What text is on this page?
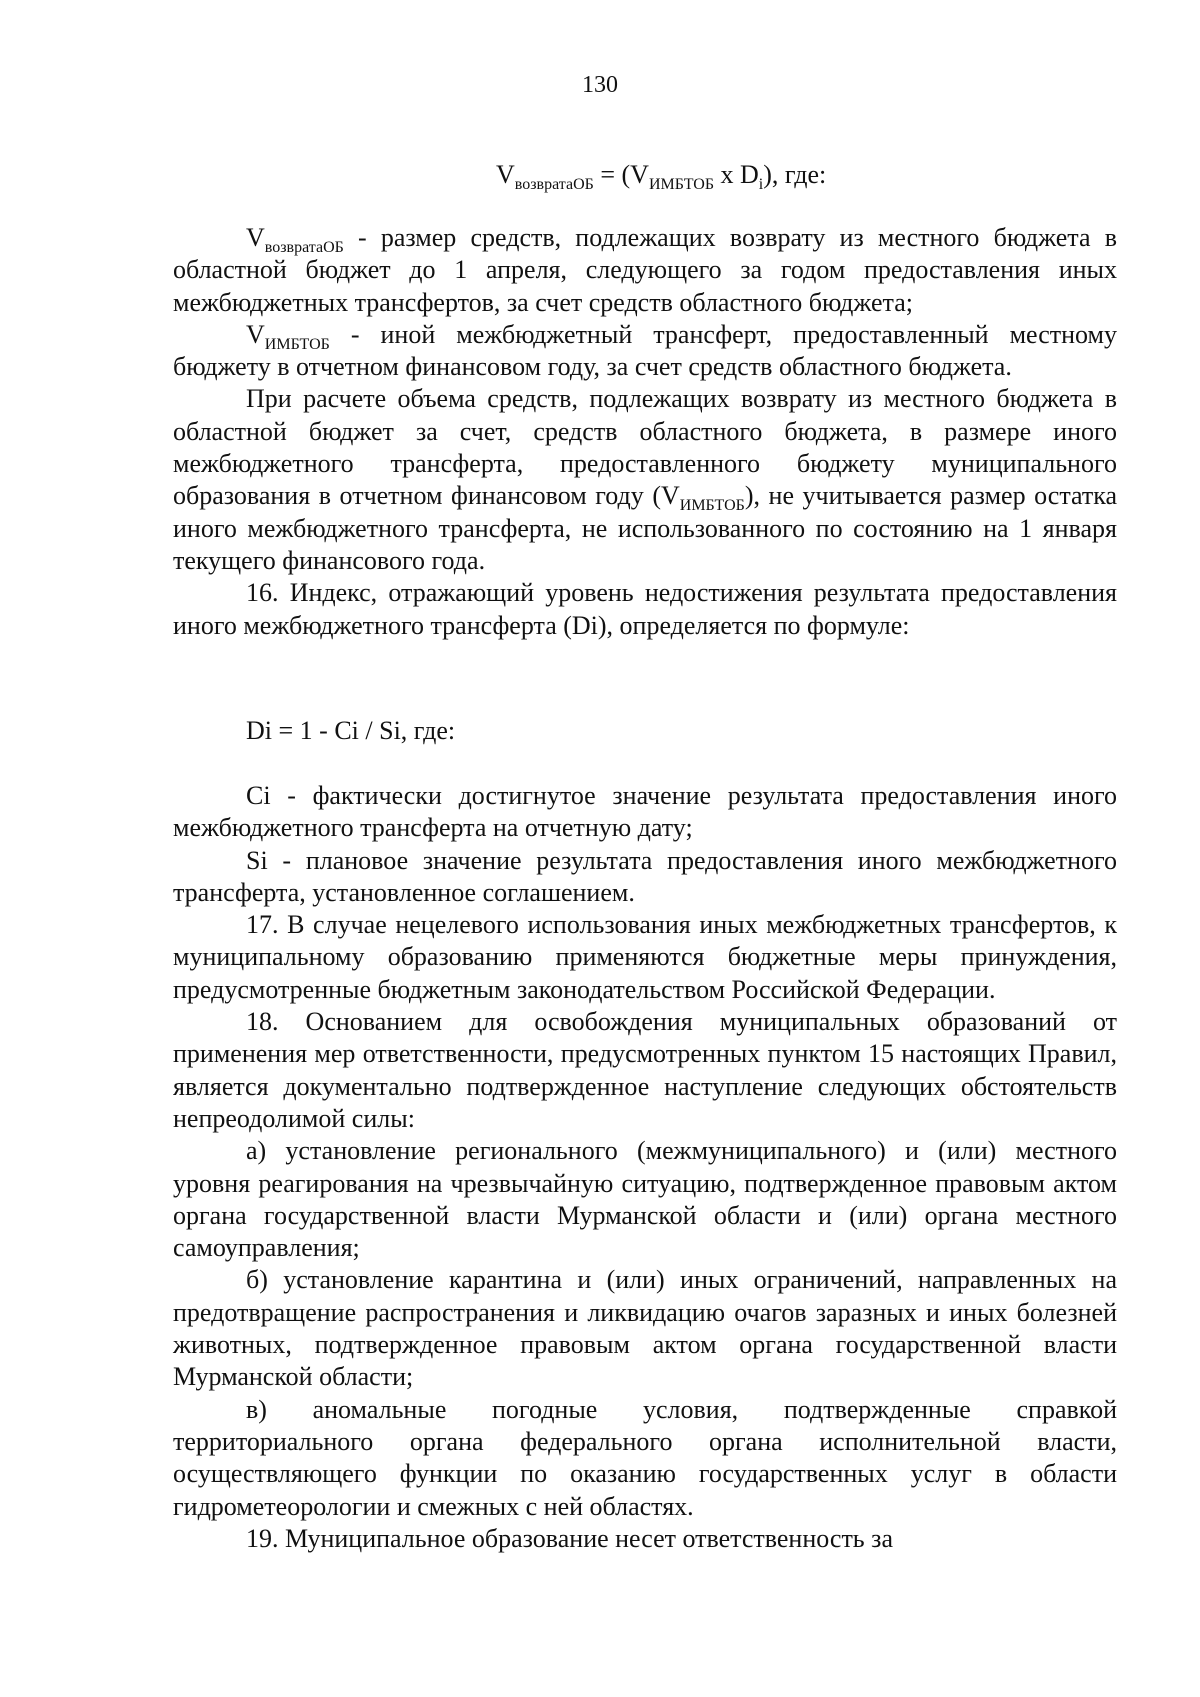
130
$V_{возвратаОБ} = (V_{ИМБТОБ}$ x $D_i$), где:

$V_{возвратаОБ}$ - размер средств, подлежащих возврату из местного бюджета в областной бюджет до 1 апреля, следующего за годом предоставления иных межбюджетных трансфертов, за счет средств областного бюджета;

$V_{ИМБТОБ}$ - иной межбюджетный трансферт, предоставленный местному бюджету в отчетном финансовом году, за счет средств областного бюджета.

При расчете объема средств, подлежащих возврату из местного бюджета в областной бюджет за счет, средств областного бюджета, в размере иного межбюджетного трансферта, предоставленного бюджету муниципального образования в отчетном финансовом году $(V_{ИМБТОБ})$, не учитывается размер остатка иного межбюджетного трансферта, не использованного по состоянию на 1 января текущего финансового года.

16. Индекс, отражающий уровень недостижения результата предоставления иного межбюджетного трансферта (Di), определяется по формуле:

Di = 1 - Ci / Si, где:

Ci - фактически достигнутое значение результата предоставления иного межбюджетного трансферта на отчетную дату;

Si - плановое значение результата предоставления иного межбюджетного трансферта, установленное соглашением.

17. В случае нецелевого использования иных межбюджетных трансфертов, к муниципальному образованию применяются бюджетные меры принуждения, предусмотренные бюджетным законодательством Российской Федерации.

18. Основанием для освобождения муниципальных образований от применения мер ответственности, предусмотренных пунктом 15 настоящих Правил, является документально подтвержденное наступление следующих обстоятельств непреодолимой силы:

а) установление регионального (межмуниципального) и (или) местного уровня реагирования на чрезвычайную ситуацию, подтвержденное правовым актом органа государственной власти Мурманской области и (или) органа местного самоуправления;

б) установление карантина и (или) иных ограничений, направленных на предотвращение распространения и ликвидацию очагов заразных и иных болезней животных, подтвержденное правовым актом органа государственной власти Мурманской области;

в) аномальные погодные условия, подтвержденные справкой территориального органа федерального органа исполнительной власти, осуществляющего функции по оказанию государственных услуг в области гидрометеорологии и смежных с ней областях.

19. Муниципальное образование несет ответственность за
